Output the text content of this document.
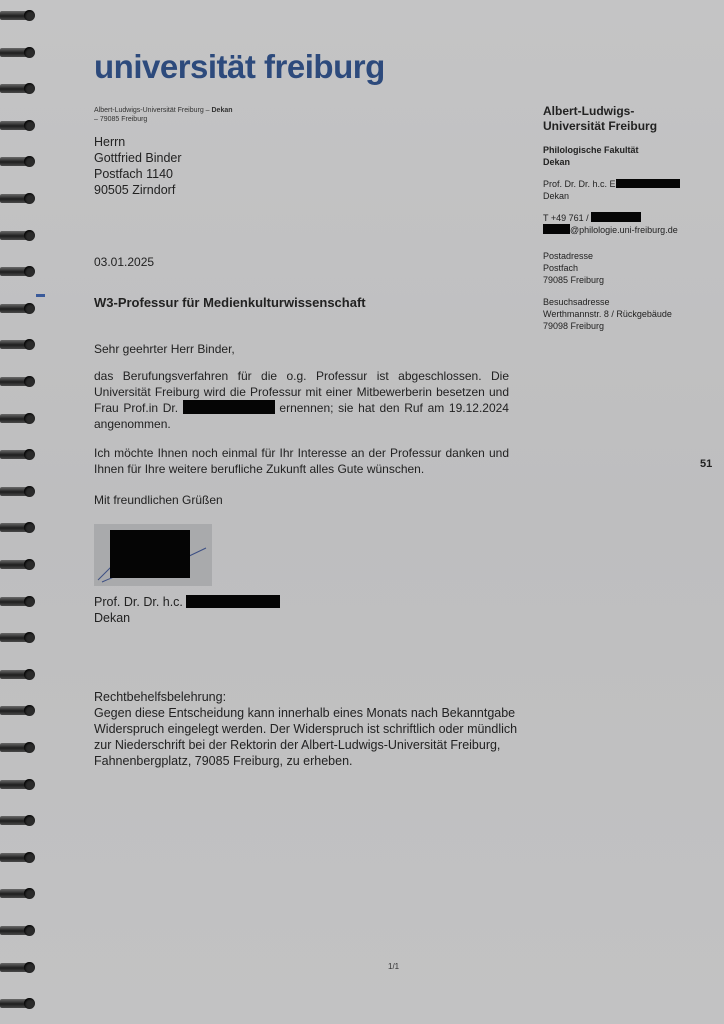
universität freiburg
Albert-Ludwigs-Universität Freiburg – Dekan
– 79085 Freiburg
Herrn
Gottfried Binder
Postfach 1140
90505 Zirndorf
03.01.2025
W3-Professur für Medienkulturwissenschaft
Sehr geehrter Herr Binder,
das Berufungsverfahren für die o.g. Professur ist abgeschlossen. Die Universität Freiburg wird die Professur mit einer Mitbewerberin besetzen und Frau Prof.in Dr.	ernennen; sie hat den Ruf am 19.12.2024 angenommen.
Ich möchte Ihnen noch einmal für Ihr Interesse an der Professur danken und Ihnen für Ihre weitere berufliche Zukunft alles Gute wünschen.
Mit freundlichen Grüßen
Prof. Dr. Dr. h.c.
Dekan
Rechtbehelfsbelehrung:
Gegen diese Entscheidung kann innerhalb eines Monats nach Bekanntgabe Widerspruch eingelegt werden. Der Widerspruch ist schriftlich oder mündlich zur Niederschrift bei der Rektorin der Albert-Ludwigs-Universität Freiburg, Fahnenbergplatz, 79085 Freiburg, zu erheben.
Albert-Ludwigs-
Universität Freiburg
Philologische Fakultät
Dekan
Prof. Dr. Dr. h.c. E
Dekan
T +49 761 /
@philologie.uni-freiburg.de
Postadresse
Postfach
79085 Freiburg
Besuchsadresse
Werthmannstr. 8 / Rückgebäude
79098 Freiburg
51
1/1
